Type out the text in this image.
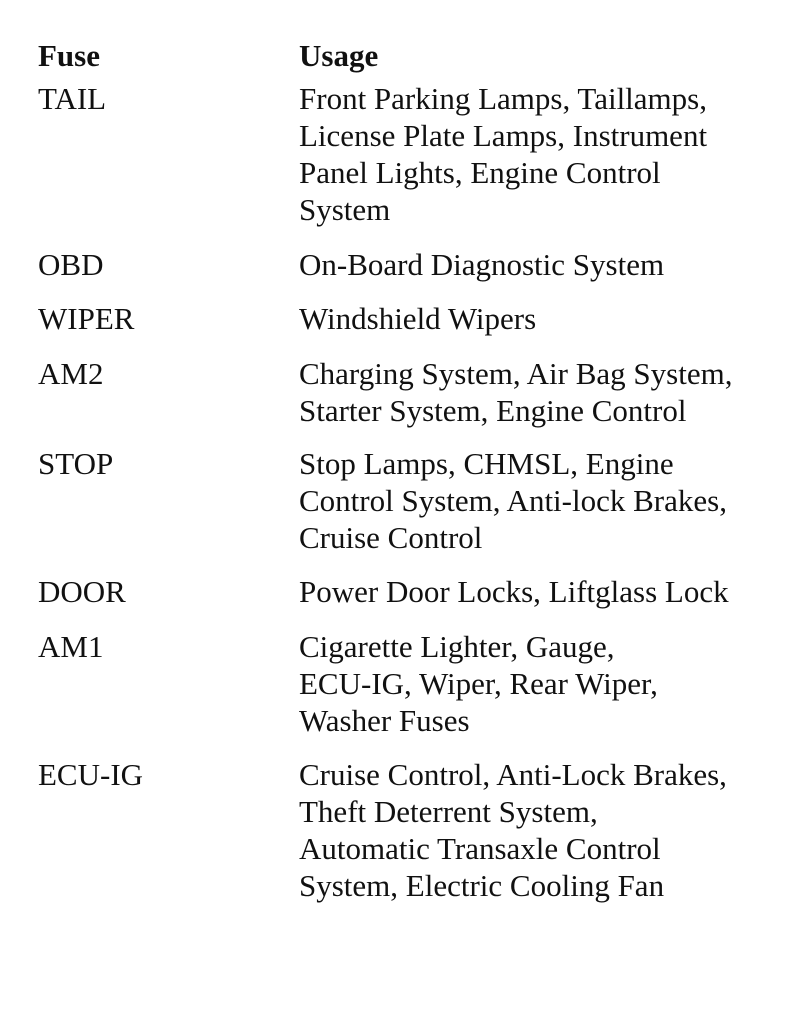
Fuse	Usage
TAIL	Front Parking Lamps, Taillamps,
License Plate Lamps, Instrument
Panel Lights, Engine Control
System
OBD	On-Board Diagnostic System
WIPER	Windshield Wipers
AM2	Charging System, Air Bag System,
Starter System, Engine Control
STOP	Stop Lamps, CHMSL, Engine
Control System, Anti-lock Brakes,
Cruise Control
DOOR	Power Door Locks, Liftglass Lock
AM1	Cigarette Lighter, Gauge,
ECU-IG, Wiper, Rear Wiper,
Washer Fuses
ECU-IG	Cruise Control, Anti-Lock Brakes,
Theft Deterrent System,
Automatic Transaxle Control
System, Electric Cooling Fan
